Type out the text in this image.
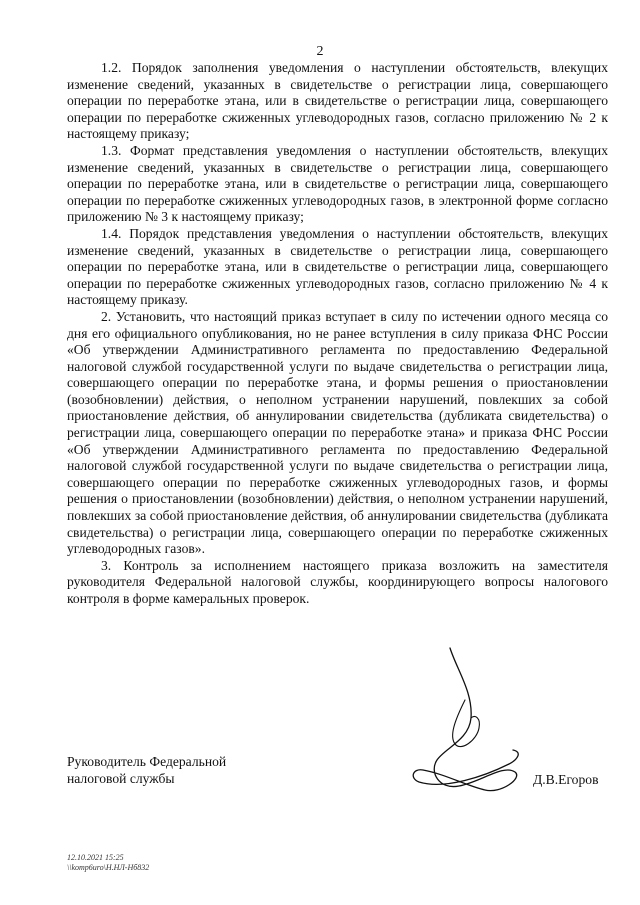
2

1.2. Порядок заполнения уведомления о наступлении обстоятельств, влекущих изменение сведений, указанных в свидетельстве о регистрации лица, совершающего операции по переработке этана, или в свидетельстве о регистрации лица, совершающего операции по переработке сжиженных углеводородных газов, согласно приложению № 2 к настоящему приказу;

1.3. Формат представления уведомления о наступлении обстоятельств, влекущих изменение сведений, указанных в свидетельстве о регистрации лица, совершающего операции по переработке этана, или в свидетельстве о регистрации лица, совершающего операции по переработке сжиженных углеводородных газов, в электронной форме согласно приложению № 3 к настоящему приказу;

1.4. Порядок представления уведомления о наступлении обстоятельств, влекущих изменение сведений, указанных в свидетельстве о регистрации лица, совершающего операции по переработке этана, или в свидетельстве о регистрации лица, совершающего операции по переработке сжиженных углеводородных газов, согласно приложению № 4 к настоящему приказу.

2. Установить, что настоящий приказ вступает в силу по истечении одного месяца со дня его официального опубликования, но не ранее вступления в силу приказа ФНС России «Об утверждении Административного регламента по предоставлению Федеральной налоговой службой государственной услуги по выдаче свидетельства о регистрации лица, совершающего операции по переработке этана, и формы решения о приостановлении (возобновлении) действия, о неполном устранении нарушений, повлекших за собой приостановление действия, об аннулировании свидетельства (дубликата свидетельства) о регистрации лица, совершающего операции по переработке этана» и приказа ФНС России «Об утверждении Административного регламента по предоставлению Федеральной налоговой службой государственной услуги по выдаче свидетельства о регистрации лица, совершающего операции по переработке сжиженных углеводородных газов, и формы решения о приостановлении (возобновлении) действия, о неполном устранении нарушений, повлекших за собой приостановление действия, об аннулировании свидетельства (дубликата свидетельства) о регистрации лица, совершающего операции по переработке сжиженных углеводородных газов».

3. Контроль за исполнением настоящего приказа возложить на заместителя руководителя Федеральной налоговой службы, координирующего вопросы налогового контроля в форме камеральных проверок.

Руководитель Федеральной
налоговой службы	Д.В.Егоров
12.10.2021 15:25
\\komp6uro\Н.НЛ-Нб832
